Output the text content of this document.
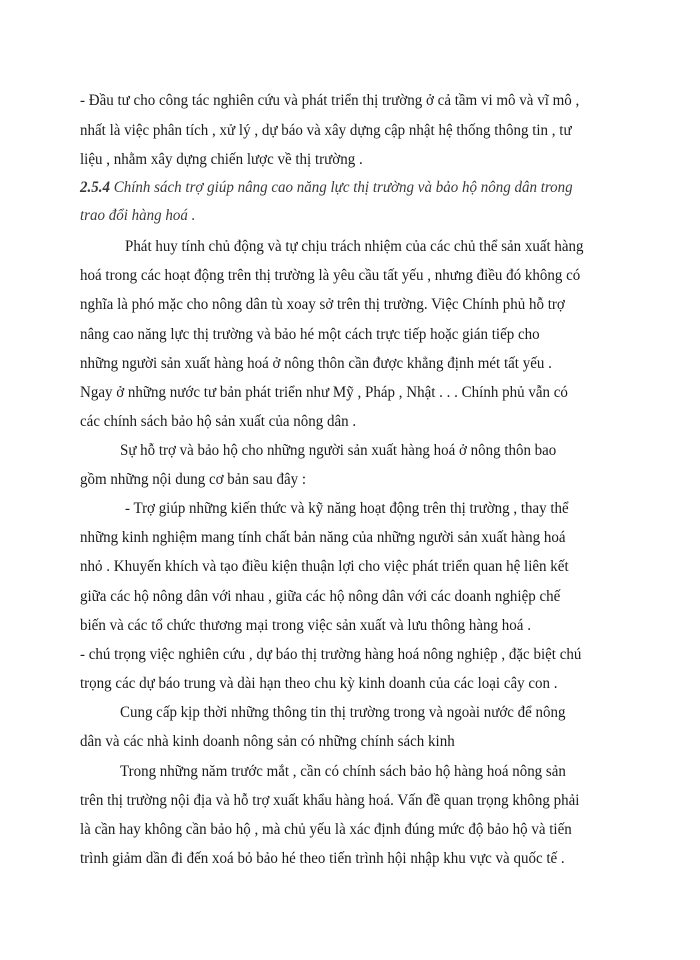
- Đầu tư cho công tác nghiên cứu và phát triển thị trường ở cả tầm vi mô và vĩ mô ,
nhất là việc phân tích , xử lý , dự báo và xây dựng cập nhật hệ thống thông tin , tư
liệu , nhằm xây dựng chiến lược về thị trường .
2.5.4 Chính sách trợ giúp nâng cao năng lực thị trường và bảo hộ nông dân trong
trao đổi hàng hoá .
Phát huy tính chủ động và tự chịu trách nhiệm của các chủ thể sản xuất hàng
hoá trong các hoạt động trên thị trường là yêu cầu tất yếu , nhưng điều đó không có
nghĩa là phó mặc cho nông dân tù xoay sở trên thị trường. Việc Chính phủ hỗ trợ
nâng cao năng lực thị trường và bảo hé một cách trực tiếp hoặc gián tiếp cho
những người sản xuất hàng hoá ở nông thôn cần được khẳng định mét tất yếu .
Ngay ở những nước tư bản phát triển như Mỹ , Pháp , Nhật . . . Chính phủ vẫn có
các chính sách bảo hộ sản xuất của nông dân .
Sự hỗ trợ và bảo hộ cho những người sản xuất hàng hoá ở nông thôn bao
gồm những nội dung cơ bản sau đây :
- Trợ giúp những kiến thức và kỹ năng hoạt động trên thị trường , thay thể
những kinh nghiệm mang tính chất bản năng của những người sản xuất hàng hoá
nhỏ . Khuyến khích và tạo điều kiện thuận lợi cho việc phát triển quan hệ liên kết
giữa các hộ nông dân với nhau , giữa các hộ nông dân với các doanh nghiệp chế
biến và các tổ chức thương mại trong việc sản xuất và lưu thông hàng hoá .
- chú trọng việc nghiên cứu , dự báo thị trường hàng hoá nông nghiệp , đặc biệt chú
trọng các dự báo trung và dài hạn theo chu kỳ kinh doanh của các loại cây con .
Cung cấp kịp thời những thông tin thị trường trong và ngoài nước để nông
dân và các nhà kinh doanh nông sản có những chính sách kinh
Trong những năm trước mắt , cần có chính sách bảo hộ hàng hoá nông sản
trên thị trường nội địa và hỗ trợ xuất khẩu hàng hoá. Vấn đề quan trọng không phải
là cần hay không cần bảo hộ , mà chủ yếu là xác định đúng mức độ bảo hộ và tiến
trình giảm dần đi đến xoá bỏ bảo hé theo tiến trình hội nhập khu vực và quốc tế .
